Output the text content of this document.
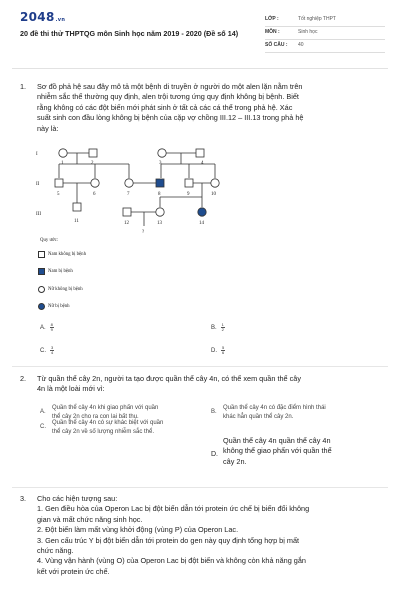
2048.vn
20 đề thi thử THPTQG môn Sinh học năm 2019 - 2020 (Đề số 14)
LỚP :	Tốt nghiệp THPT
MÔN :	Sinh học
SỐ CÂU : 40
1. Sơ đồ phả hệ sau đây mô tả một bệnh di truyền ở người do một alen lặn nằm trên
nhiễm sắc thể thường quy định, alen trội tương ứng quy định không bị bệnh. Biết
rằng không có các đột biến mới phát sinh ở tất cả các cá thể trong phả hệ. Xác
suất sinh con đầu lòng không bị bệnh của cặp vợ chồng III.12 – III.13 trong phả hệ
này là:
I
II
III
1	2	3	4
5	6	7	8	9	10
11	12	13	14
?
Quy ước:
Nam không bị bệnh
Nam bị bệnh
Nữ không bị bệnh
Nữ bị bệnh
A. $\frac{8}{9}$	B. $\frac{1}{2}$
C. $\frac{3}{4}$	D. $\frac{5}{6}$
2. Từ quần thể cây 2n, người ta tạo được quần thể cây 4n, có thể xem quần thể cây
4n là một loài mới vì:
A.
Quần thể cây 4n khi giao phấn với quần
thể cây 2n cho ra con lai bất thụ.
B.
Quần thể cây 4n có đặc điểm hình thái
khác hẳn quần thể cây 2n.
C.
Quần thể cây 4n có sự khác biệt với quần
thể cây 2n về số lượng nhiễm sắc thể.
D.
Quần thể cây 4n quần thể cây 4n
không thể giao phấn với quần thể
cây 2n.
3. Cho các hiện tượng sau:
1. Gen điều hòa của Operon Lac bị đột biến dẫn tới protein ức chế bị biến đổi không
gian và mất chức năng sinh học.
2. Đột biến làm mất vùng khởi động (vùng P) của Operon Lac.
3. Gen cấu trúc Y bị đột biến dẫn tới protein do gen này quy định tổng hợp bị mất
chức năng.
4. Vùng vận hành (vùng O) của Operon Lac bị đột biến và không còn khả năng gắn
kết với protein ức chế.
